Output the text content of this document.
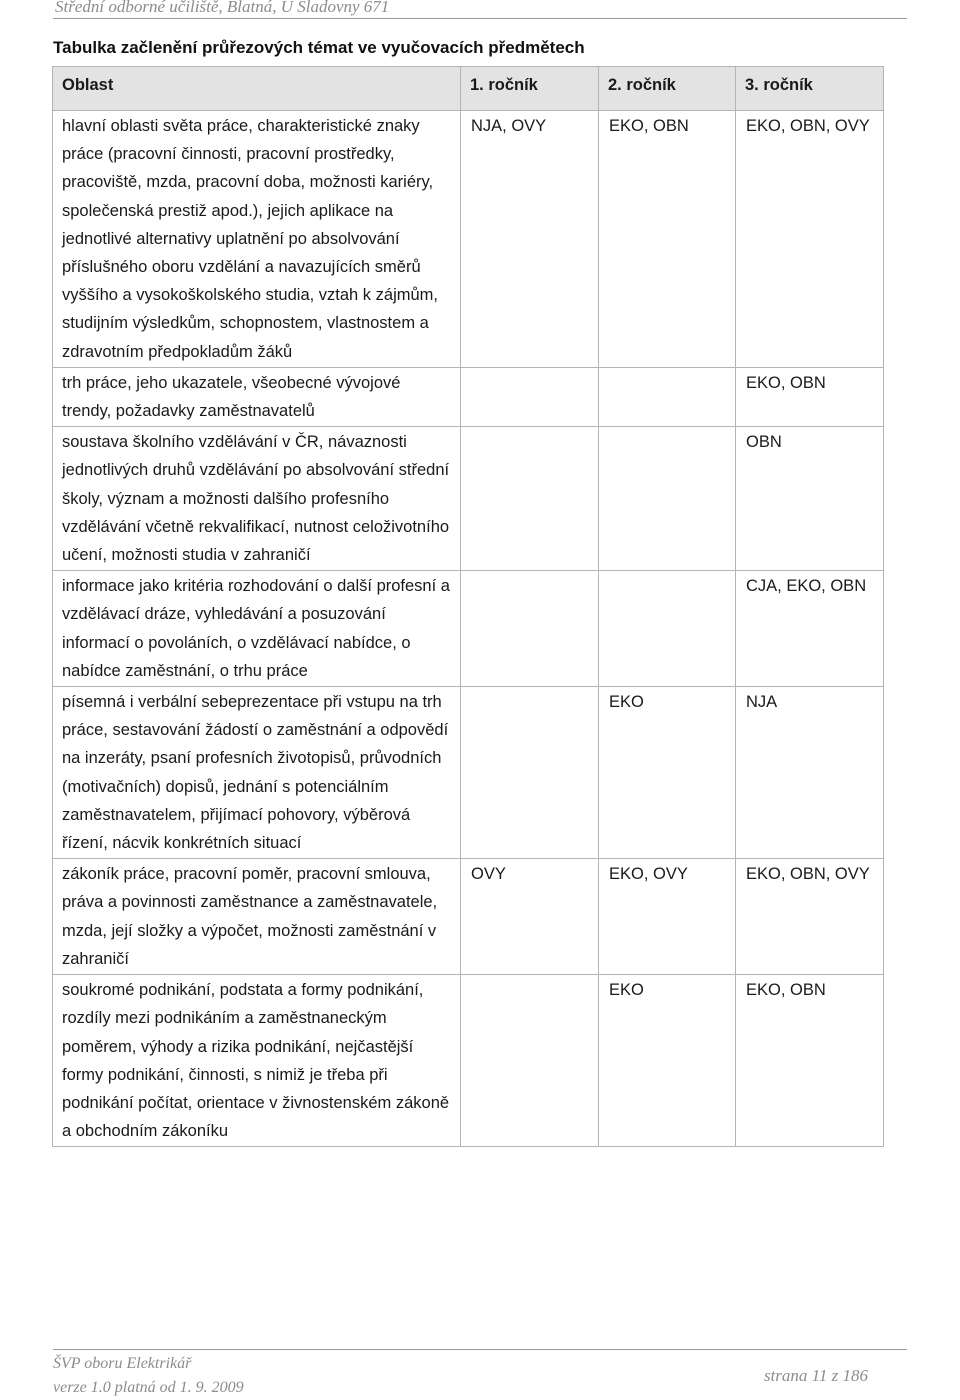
Střední odborné učiliště, Blatná, U Sladovny 671
Tabulka začlenění průřezových témat ve vyučovacích předmětech
Oblast	1. ročník	2. ročník	3. ročník
hlavní oblasti světa práce, charakteristické znaky práce (pracovní činnosti, pracovní prostředky, pracoviště, mzda, pracovní doba, možnosti kariéry, společenská prestiž apod.), jejich aplikace na jednotlivé alternativy uplatnění po absolvování příslušného oboru vzdělání a navazujících směrů vyššího a vysokoškolského studia, vztah k zájmům, studijním výsledkům, schopnostem, vlastnostem a zdravotním předpokladům žáků	NJA, OVY	EKO, OBN	EKO, OBN, OVY
trh práce, jeho ukazatele, všeobecné vývojové trendy, požadavky zaměstnavatelů			EKO, OBN
soustava školního vzdělávání v ČR, návaznosti jednotlivých druhů vzdělávání po absolvování střední školy, význam a možnosti dalšího profesního vzdělávání včetně rekvalifikací, nutnost celoživotního učení, možnosti studia v zahraničí			OBN
informace jako kritéria rozhodování o další profesní a vzdělávací dráze, vyhledávání a posuzování informací o povoláních, o vzdělávací nabídce, o nabídce zaměstnání, o trhu práce			CJA, EKO, OBN
písemná i verbální sebeprezentace při vstupu na trh práce, sestavování žádostí o zaměstnání a odpovědí na inzeráty, psaní profesních životopisů, průvodních (motivačních) dopisů, jednání s potenciálním zaměstnavatelem, přijímací pohovory, výběrová řízení, nácvik konkrétních situací		EKO	NJA
zákoník práce, pracovní poměr, pracovní smlouva, práva a povinnosti zaměstnance a zaměstnavatele, mzda, její složky a výpočet, možnosti zaměstnání v zahraničí	OVY	EKO, OVY	EKO, OBN, OVY
soukromé podnikání, podstata a formy podnikání, rozdíly mezi podnikáním a zaměstnaneckým poměrem, výhody a rizika podnikání, nejčastější formy podnikání, činnosti, s nimiž je třeba při podnikání počítat, orientace v živnostenském zákoně a obchodním zákoníku		EKO	EKO, OBN
ŠVP oboru Elektrikář
verze 1.0 platná od 1. 9. 2009
strana 11 z 186
